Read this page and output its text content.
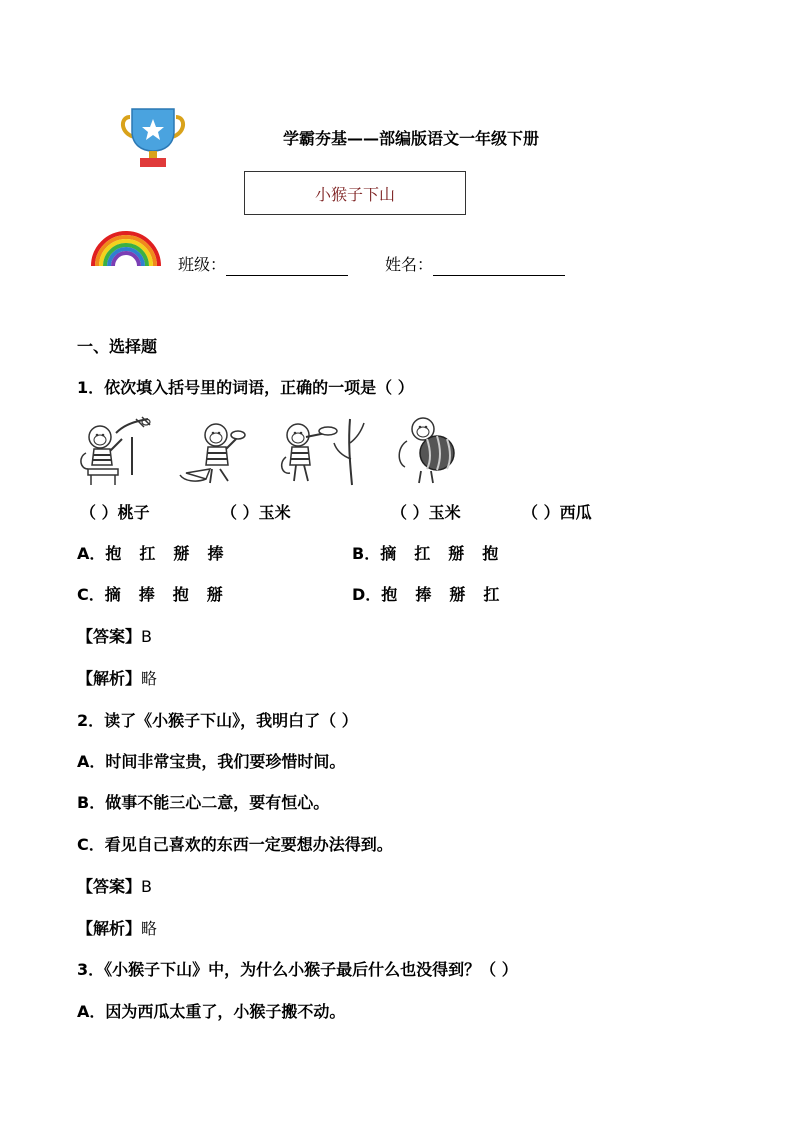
学霸夯基——部编版语文一年级下册
小猴子下山
班级：	姓名：
一、选择题
1．依次填入括号里的词语，正确的一项是（ ）
（ ）桃子	（ ）玉米	（ ）玉米	（ ）西瓜
A．抱 扛 掰 捧	B．摘 扛 掰 抱
C．摘 捧 抱 掰	D．抱 捧 掰 扛
【答案】B
【解析】略
2．读了《小猴子下山》，我明白了（ ）
A．时间非常宝贵，我们要珍惜时间。
B．做事不能三心二意，要有恒心。
C．看见自己喜欢的东西一定要想办法得到。
【答案】B
【解析】略
3．《小猴子下山》中，为什么小猴子最后什么也没得到？（ ）
A．因为西瓜太重了，小猴子搬不动。
